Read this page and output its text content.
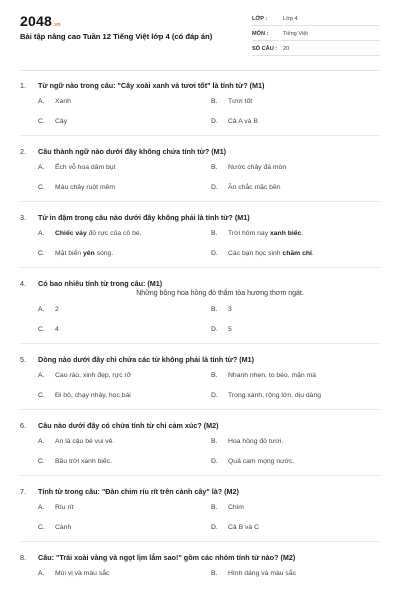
2048.vn
Bài tập nâng cao Tuần 12 Tiếng Việt lớp 4 (có đáp án)
LỚP :	Lớp 4
MÔN :	Tiếng Việt
SỐ CÂU :	20
1.	Từ ngữ nào trong câu: "Cây xoài xanh và tươi tốt" là tính từ? (M1)
A.	Xanh	B.	Tươi tốt
C.	Cây	D.	Cả A và B
2.	Câu thành ngữ nào dưới đây không chứa tính từ? (M1)
A.	Ếch vỗ hoa dâm bụt	B.	Nước chảy đá mòn
C.	Máu chảy ruột mềm	D.	Ăn chắc mặc bền
3.	Từ in đậm trong câu nào dưới đây không phải là tính từ? (M1)
A.	Chiếc váy đỏ rực của cô bé.	B.	Trời hôm nay xanh biếc.
C.	Mặt biển yên sóng.	D.	Các bạn học sinh chăm chỉ.
4.	Có bao nhiêu tính từ trong câu: (M1)
Những bông hoa hồng đỏ thắm tỏa hương thơm ngát.
A.	2	B.	3
C.	4	D.	5
5.	Dòng nào dưới đây chỉ chứa các từ không phải là tính từ? (M1)
A.	Cao ráo, xinh đẹp, rực rỡ	B.	Nhanh nhẹn, to béo, mặn mà
C.	Đi bộ, chạy nhảy, học bài	D.	Trong xanh, rộng lớn, dịu dàng
6.	Câu nào dưới đây có chứa tính từ chỉ cảm xúc? (M2)
A.	An là cậu bé vui vẻ.	B.	Hoa hồng đỏ tươi.
C.	Bầu trời xanh biếc.	D.	Quả cam mọng nước.
7.	Tính từ trong câu: "Đàn chim ríu rít trên cành cây" là? (M2)
A.	Ríu rít	B.	Chim
C.	Cành	D.	Cả B và C
8.	Câu: "Trái xoài vàng và ngọt lịm lắm sao!" gồm các nhóm tính từ nào? (M2)
A.	Mùi vị và màu sắc	B.	Hình dáng và màu sắc
